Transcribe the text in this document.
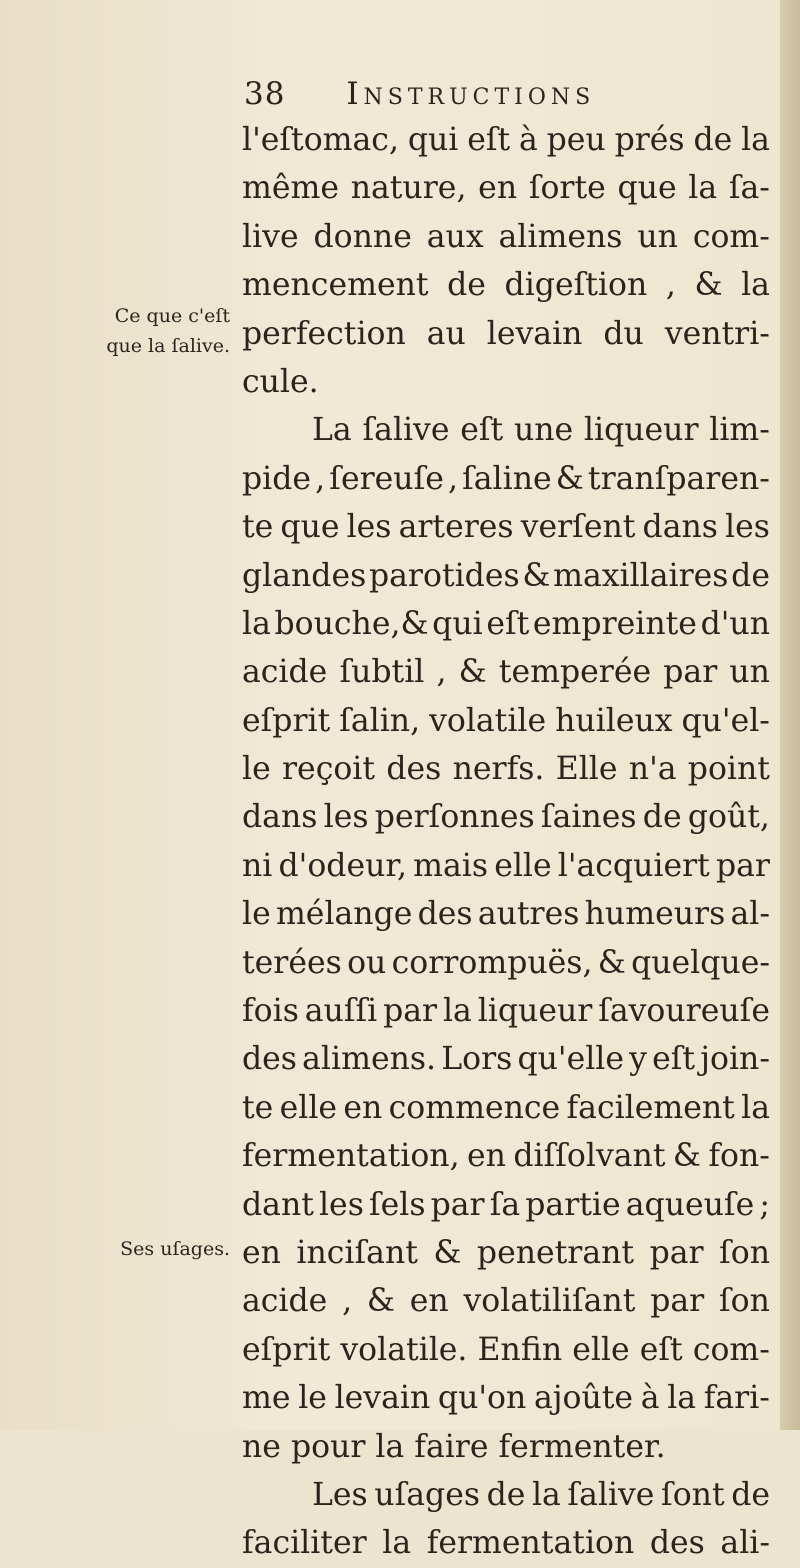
38 Instructions
Ce que c'eſt
que la ſalive.
Ses uſages.
l'eſtomac, qui eſt à peu prés de la
même nature, en ſorte que la ſa-
live donne aux alimens un com-
mencement de digeſtion , & la
perfection au levain du ventri-
cule.
La ſalive eſt une liqueur lim-
pide , ſereuſe , ſaline & tranſparen-
te que les arteres verſent dans les
glandes parotides & maxillaires de
la bouche,& qui eſt empreinte d'un
acide ſubtil , & temperée par un
eſprit ſalin, volatile huileux qu'el-
le reçoit des nerfs. Elle n'a point
dans les perſonnes ſaines de goût,
ni d'odeur, mais elle l'acquiert par
le mélange des autres humeurs al-
terées ou corrompuës, & quelque-
fois auſſi par la liqueur ſavoureuſe
des alimens. Lors qu'elle y eſt join-
te elle en commence facilement la
fermentation, en diſſolvant & fon-
dant les ſels par ſa partie aqueuſe ;
en inciſant & penetrant par ſon
acide , & en volatiliſant par ſon
eſprit volatile. Enfin elle eſt com-
me le levain qu'on ajoûte à la fari-
ne pour la faire fermenter.
Les uſages de la ſalive ſont de
faciliter la fermentation des ali-
